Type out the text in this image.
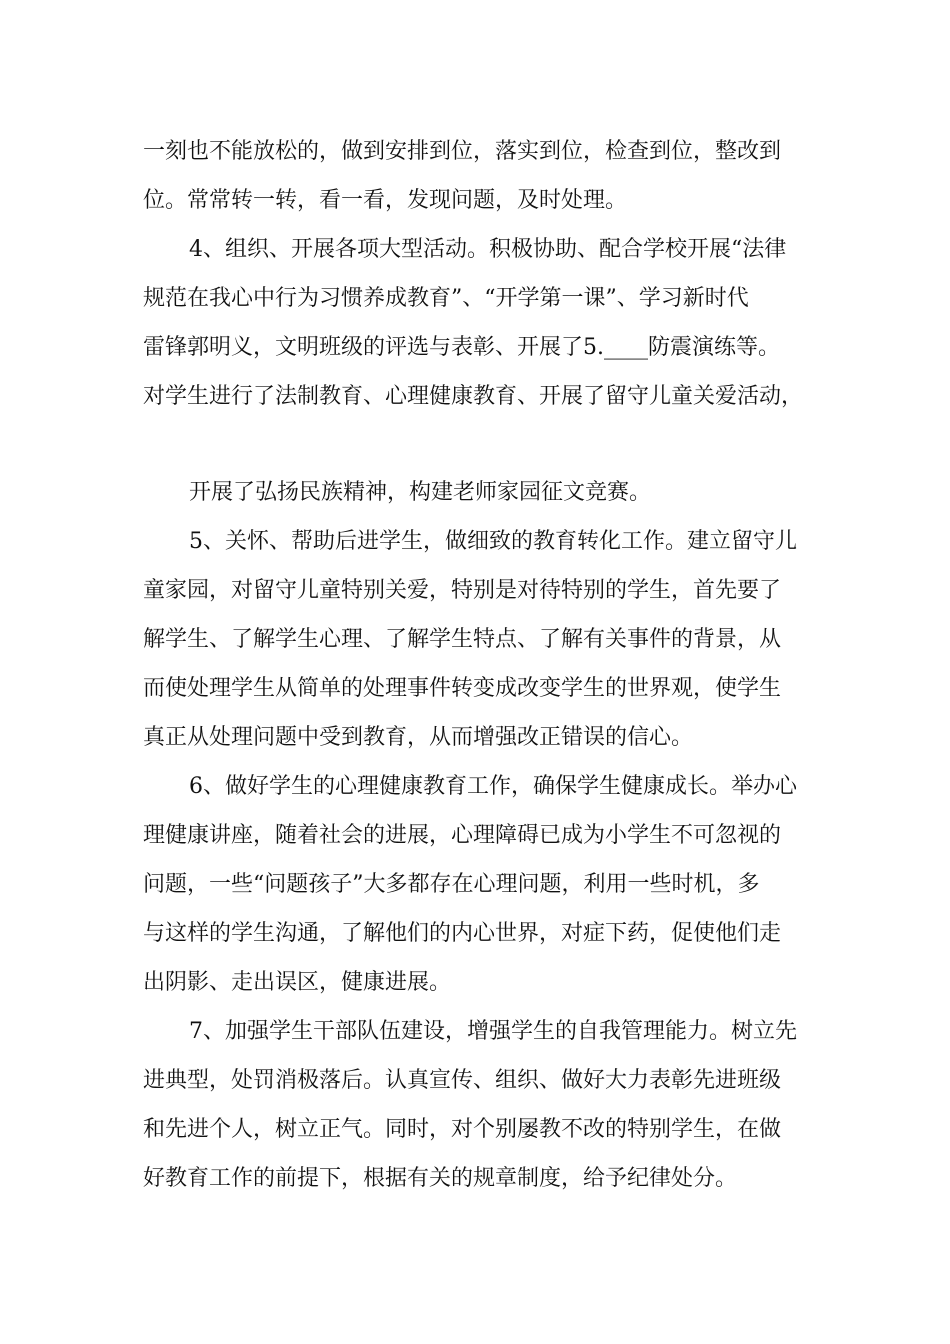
一刻也不能放松的，做到安排到位，落实到位，检查到位，整改到
位。常常转一转，看一看，发现问题，及时处理。
4、组织、开展各项大型活动。积极协助、配合学校开展“法律
规范在我心中行为习惯养成教育”、“开学第一课”、学习新时代
雷锋郭明义，文明班级的评选与表彰、开展了5.____防震演练等。
对学生进行了法制教育、心理健康教育、开展了留守儿童关爱活动，
开展了弘扬民族精神，构建老师家园征文竞赛。
5、关怀、帮助后进学生，做细致的教育转化工作。建立留守儿
童家园，对留守儿童特别关爱，特别是对待特别的学生，首先要了
解学生、了解学生心理、了解学生特点、了解有关事件的背景，从
而使处理学生从简单的处理事件转变成改变学生的世界观，使学生
真正从处理问题中受到教育，从而增强改正错误的信心。
6、做好学生的心理健康教育工作，确保学生健康成长。举办心
理健康讲座，随着社会的进展，心理障碍已成为小学生不可忽视的
问题，一些“问题孩子”大多都存在心理问题，利用一些时机，多
与这样的学生沟通，了解他们的内心世界，对症下药，促使他们走
出阴影、走出误区，健康进展。
7、加强学生干部队伍建设，增强学生的自我管理能力。树立先
进典型，处罚消极落后。认真宣传、组织、做好大力表彰先进班级
和先进个人，树立正气。同时，对个别屡教不改的特别学生，在做
好教育工作的前提下，根据有关的规章制度，给予纪律处分。
